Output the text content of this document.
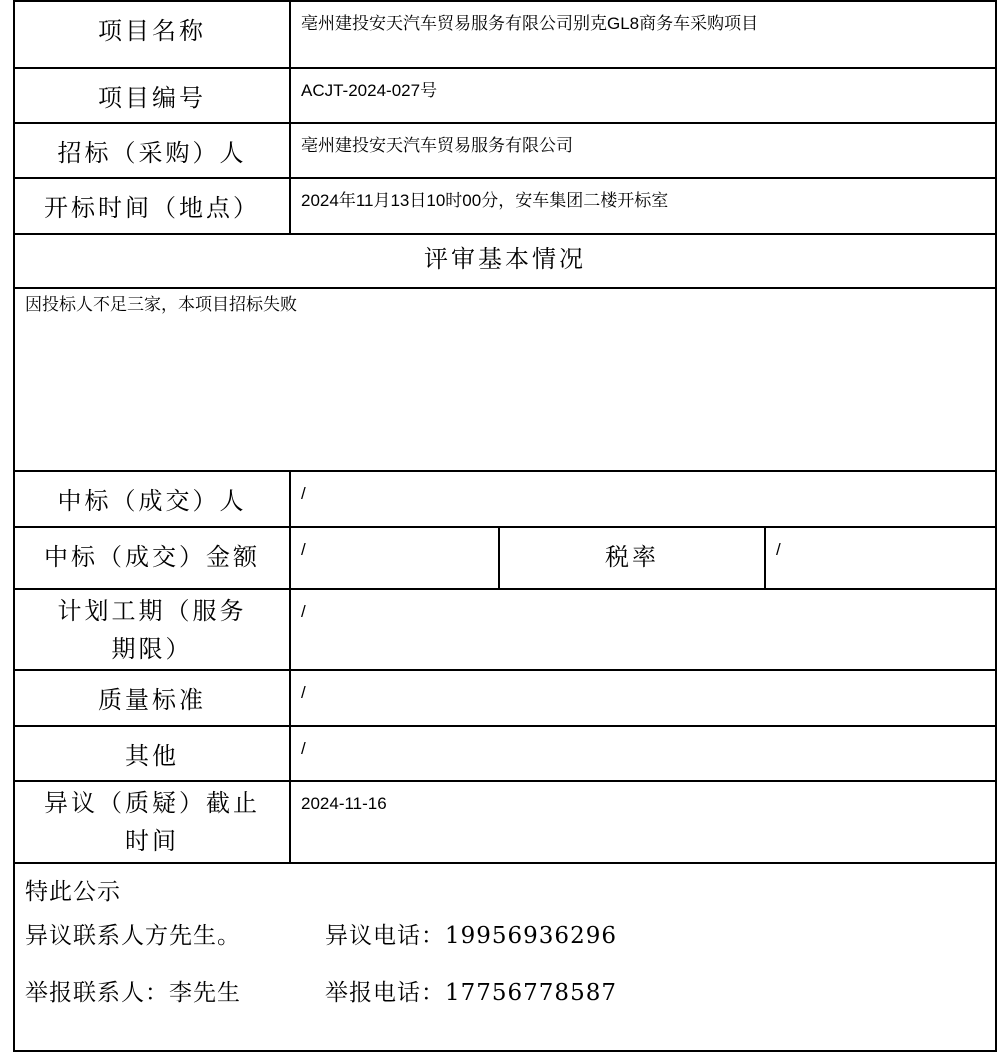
项目名称	亳州建投安天汽车贸易服务有限公司别克GL8商务车采购项目		
项目编号	ACJT-2024-027号		
招标（采购）人	亳州建投安天汽车贸易服务有限公司		
开标时间（地点）	2024年11月13日10时00分，安车集团二楼开标室		
评审基本情况			
因投标人不足三家，本项目招标失败			
中标（成交）人	/		
中标（成交）金额	/	税率	/
计划工期（服务期限）	/		
质量标准	/		
其他	/		
异议（质疑）截止时间	2024-11-16		

特此公示
异议联系人方先生。 异议电话：19956936296
举报联系人：李先生 举报电话：17756778587			
